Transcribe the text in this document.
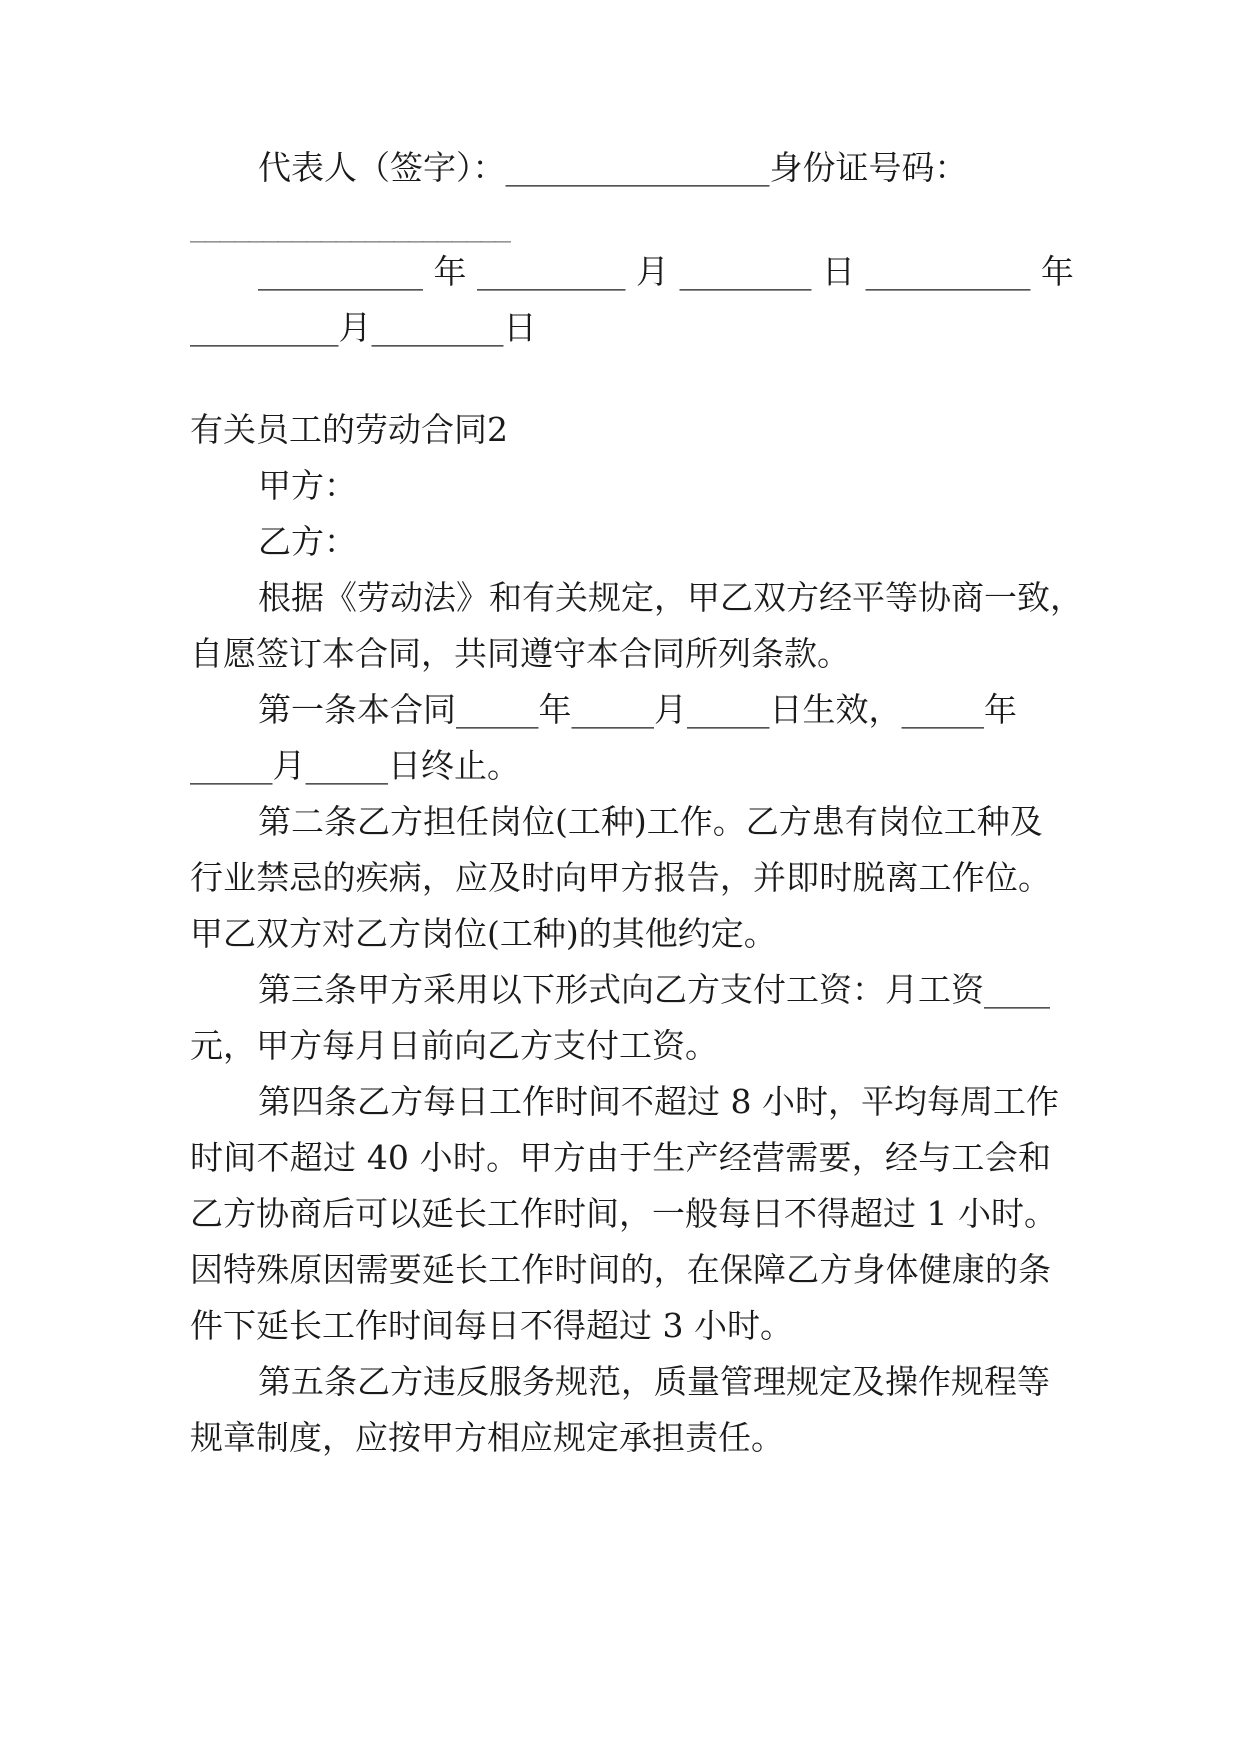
代表人（签字）：________________身份证号码：
______________________
__________ 年 _________ 月 ________ 日 __________ 年
_________月________日
有关员工的劳动合同2
甲方：
乙方：
根据《劳动法》和有关规定，甲乙双方经平等协商一致，
自愿签订本合同，共同遵守本合同所列条款。
第一条本合同_____年_____月_____日生效，_____年
_____月_____日终止。
第二条乙方担任岗位(工种)工作。乙方患有岗位工种及
行业禁忌的疾病，应及时向甲方报告，并即时脱离工作位。
甲乙双方对乙方岗位(工种)的其他约定。
第三条甲方采用以下形式向乙方支付工资：月工资____
元，甲方每月日前向乙方支付工资。
第四条乙方每日工作时间不超过 8 小时，平均每周工作
时间不超过 40 小时。甲方由于生产经营需要，经与工会和
乙方协商后可以延长工作时间，一般每日不得超过 1 小时。
因特殊原因需要延长工作时间的，在保障乙方身体健康的条
件下延长工作时间每日不得超过 3 小时。
第五条乙方违反服务规范，质量管理规定及操作规程等
规章制度，应按甲方相应规定承担责任。
